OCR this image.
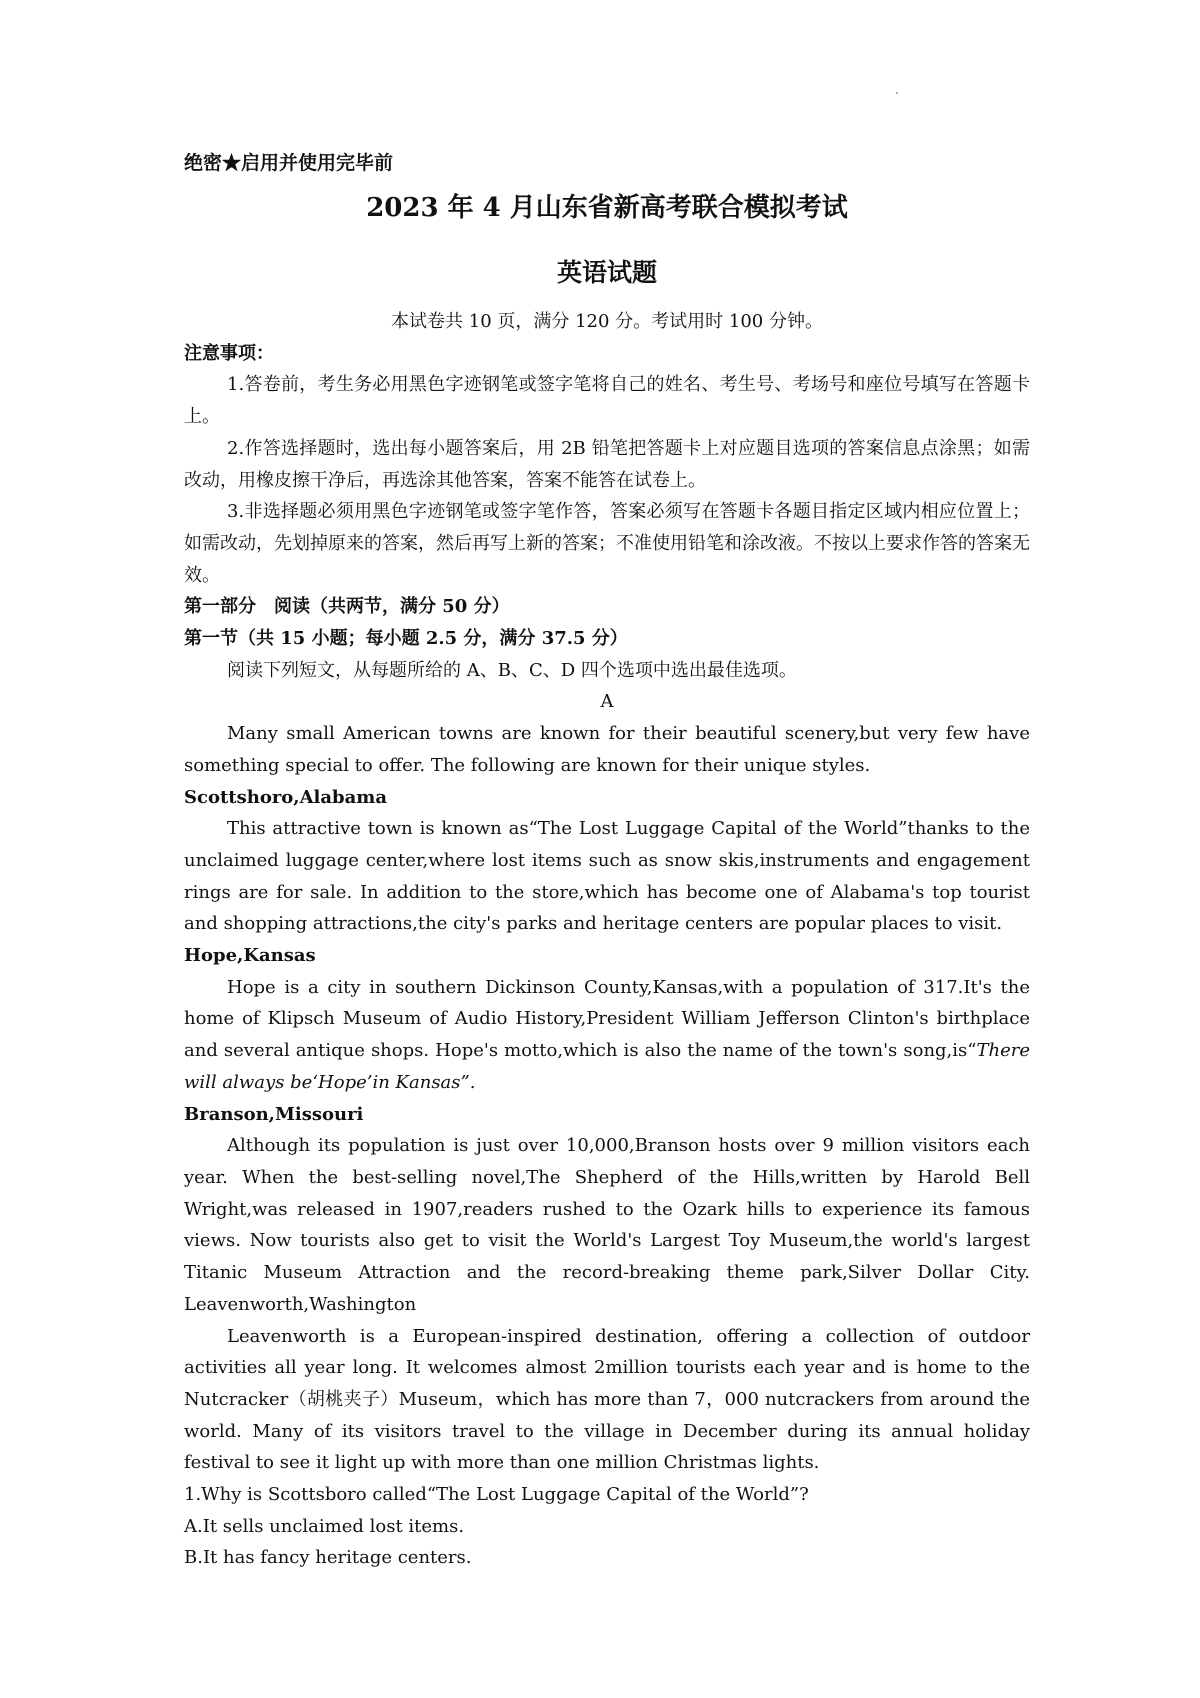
绝密★启用并使用完毕前
2023 年 4 月山东省新高考联合模拟考试
英语试题

本试卷共 10 页，满分 120 分。考试用时 100 分钟。

注意事项：

1.答卷前，考生务必用黑色字迹钢笔或签字笔将自己的姓名、考生号、考场号和座位号填写在答题卡上。

2.作答选择题时，选出每小题答案后，用 2B 铅笔把答题卡上对应题目选项的答案信息点涂黑；如需改动，用橡皮擦干净后，再选涂其他答案，答案不能答在试卷上。

3.非选择题必须用黑色字迹钢笔或签字笔作答，答案必须写在答题卡各题目指定区域内相应位置上；如需改动，先划掉原来的答案，然后再写上新的答案；不准使用铅笔和涂改液。不按以上要求作答的答案无效。

第一部分　阅读（共两节，满分 50 分）

第一节（共 15 小题；每小题 2.5 分，满分 37.5 分）

阅读下列短文，从每题所给的 A、B、C、D 四个选项中选出最佳选项。

A

Many small American towns are known for their beautiful scenery,but very few have something special to offer. The following are known for their unique styles.

Scottshoro,Alabama

This attractive town is known as“The Lost Luggage Capital of the World”thanks to the unclaimed luggage center,where lost items such as snow skis,instruments and engagement rings are for sale. In addition to the store,which has become one of Alabama's top tourist and shopping attractions,the city's parks and heritage centers are popular places to visit.

Hope,Kansas

Hope is a city in southern Dickinson County,Kansas,with a population of 317.It's the home of Klipsch Museum of Audio History,President William Jefferson Clinton's birthplace and several antique shops. Hope's motto,which is also the name of the town's song,is“There will always be‘Hope’in Kansas”.

Branson,Missouri

Although its population is just over 10,000,Branson hosts over 9 million visitors each year. When the best-selling novel,The Shepherd of the Hills,written by Harold Bell Wright,was released in 1907,readers rushed to the Ozark hills to experience its famous views. Now tourists also get to visit the World's Largest Toy Museum,the world's largest Titanic Museum Attraction and the record-breaking theme park,Silver Dollar City. Leavenworth,Washington

Leavenworth is a European-inspired destination, offering a collection of outdoor activities all year long. It welcomes almost 2million tourists each year and is home to the Nutcracker（胡桃夹子）Museum，which has more than 7，000 nutcrackers from around the world. Many of its visitors travel to the village in December during its annual holiday festival to see it light up with more than one million Christmas lights.

1.Why is Scottsboro called“The Lost Luggage Capital of the World”?

A.It sells unclaimed lost items.

B.It has fancy heritage centers.
